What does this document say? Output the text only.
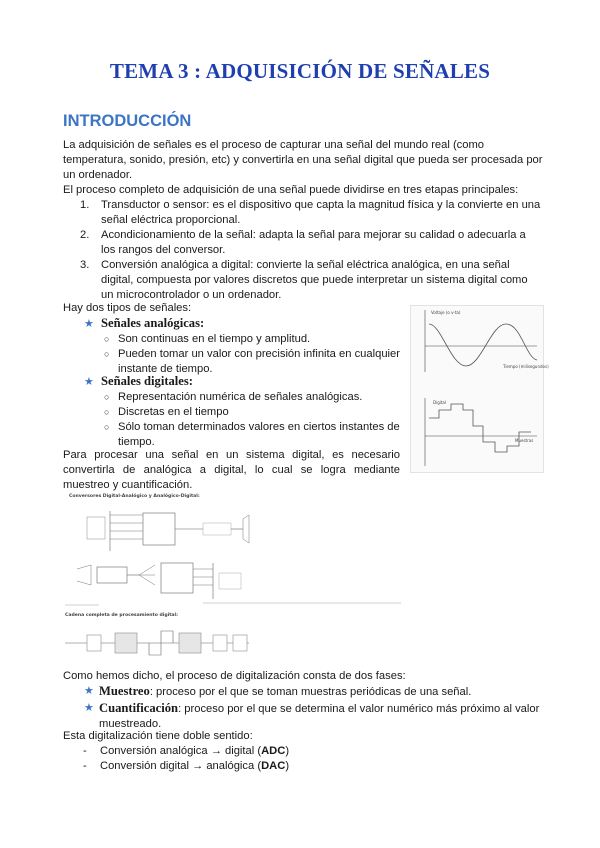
TEMA 3 : ADQUISICIÓN DE SEÑALES
INTRODUCCIÓN
La adquisición de señales es el proceso de capturar una señal del mundo real (como temperatura, sonido, presión, etc) y convertirla en una señal digital que pueda ser procesada por un ordenador.
El proceso completo de adquisición de una señal puede dividirse en tres etapas principales:
1. Transductor o sensor: es el dispositivo que capta la magnitud física y la convierte en una señal eléctrica proporcional.
2. Acondicionamiento de la señal: adapta la señal para mejorar su calidad o adecuarla a los rangos del conversor.
3. Conversión analógica a digital: convierte la señal eléctrica analógica, en una señal digital, compuesta por valores discretos que puede interpretar un sistema digital como un microcontrolador o un ordenador.
Hay dos tipos de señales:
★ Señales analógicas:
○ Son continuas en el tiempo y amplitud.
○ Pueden tomar un valor con precisión infinita en cualquier instante de tiempo.
★ Señales digitales:
○ Representación numérica de señales analógicas.
○ Discretas en el tiempo
○ Sólo toman determinados valores en ciertos instantes de tiempo.
Para procesar una señal en un sistema digital, es necesario convertirla de analógica a digital, lo cual se logra mediante muestreo y cuantificación.
Voltaje (o v-ta)
Tiempo (milisegundos)
Digital
Muestras
Conversores Digital-Analógico y Analógico-Digital:
Cadena completa de procesamiento digital:
Como hemos dicho, el proceso de digitalización consta de dos fases:
★ Muestreo: proceso por el que se toman muestras periódicas de una señal.
★ Cuantificación: proceso por el que se determina el valor numérico más próximo al valor muestreado.
Esta digitalización tiene doble sentido:
- Conversión analógica → digital (ADC)
- Conversión digital → analógica (DAC)
